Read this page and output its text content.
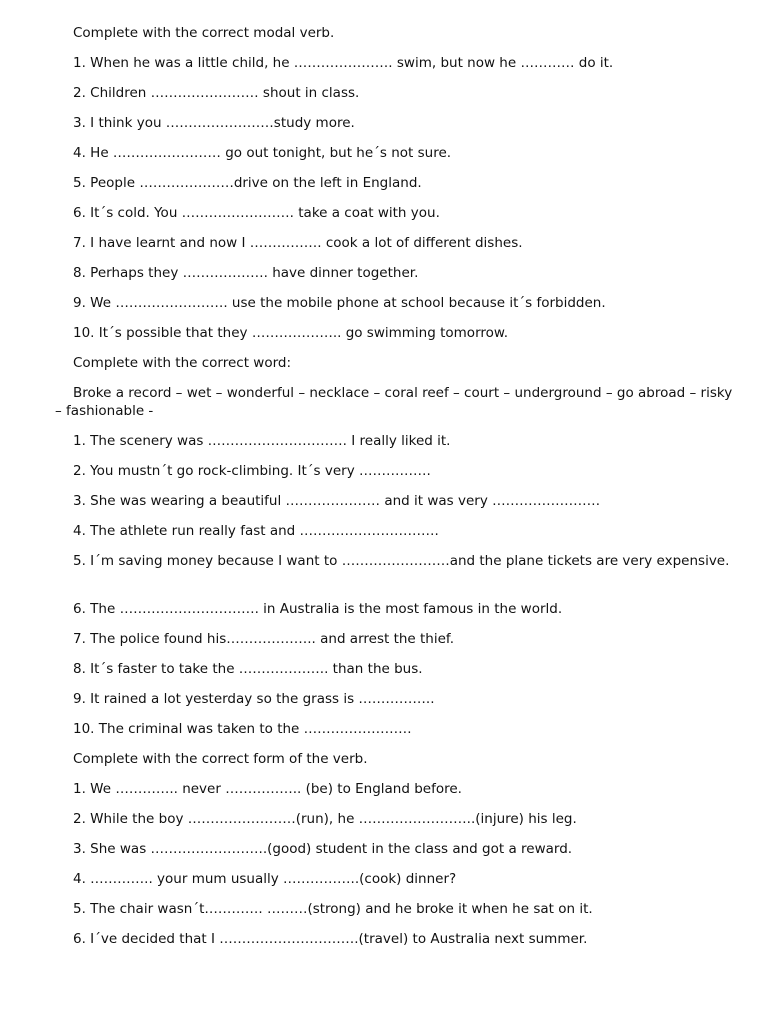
Complete with the correct modal verb.
1. When he was a little child, he …………………. swim, but now he ………… do it.
2. Children …………………… shout in class.
3. I think you ……………………study more.
4. He …………………… go out tonight, but he´s not sure.
5. People …………………drive on the left in England.
6. It´s cold. You ……………………. take a coat with you.
7. I have learnt and now I ……………. cook a lot of different dishes.
8. Perhaps they ………………. have dinner together.
9. We ……………………. use the mobile phone at school because it´s forbidden.
10. It´s possible that they ……………….. go swimming tomorrow.
Complete with the correct word:
Broke a record – wet – wonderful – necklace – coral reef – court – underground – go abroad – risky – fashionable -
1. The scenery was …………………………. I really liked it.
2. You mustn´t go rock-climbing. It´s very …………….
3. She was wearing a beautiful ………………… and it was very ……………………
4. The athlete run really fast and ………………………….
5. I´m saving money because I want to ……………………and the plane tickets are very expensive.
6. The …………………………. in Australia is the most famous in the world.
7. The police found his……………….. and arrest the thief.
8. It´s faster to take the ……………….. than the bus.
9. It rained a lot yesterday so the grass is ……………..
10. The criminal was taken to the ……………………
Complete with the correct form of the verb.
1. We ………….. never …………….. (be) to England before.
2. While the boy ……………………(run), he ……………………..(injure) his leg.
3. She was ……………………..(good) student in the class and got a reward.
4. ………….. your mum usually ……………..(cook) dinner?
5. The chair wasn´t…………. ………(strong) and he broke it when he sat on it.
6. I´ve decided that I ………………………….(travel) to Australia next summer.
